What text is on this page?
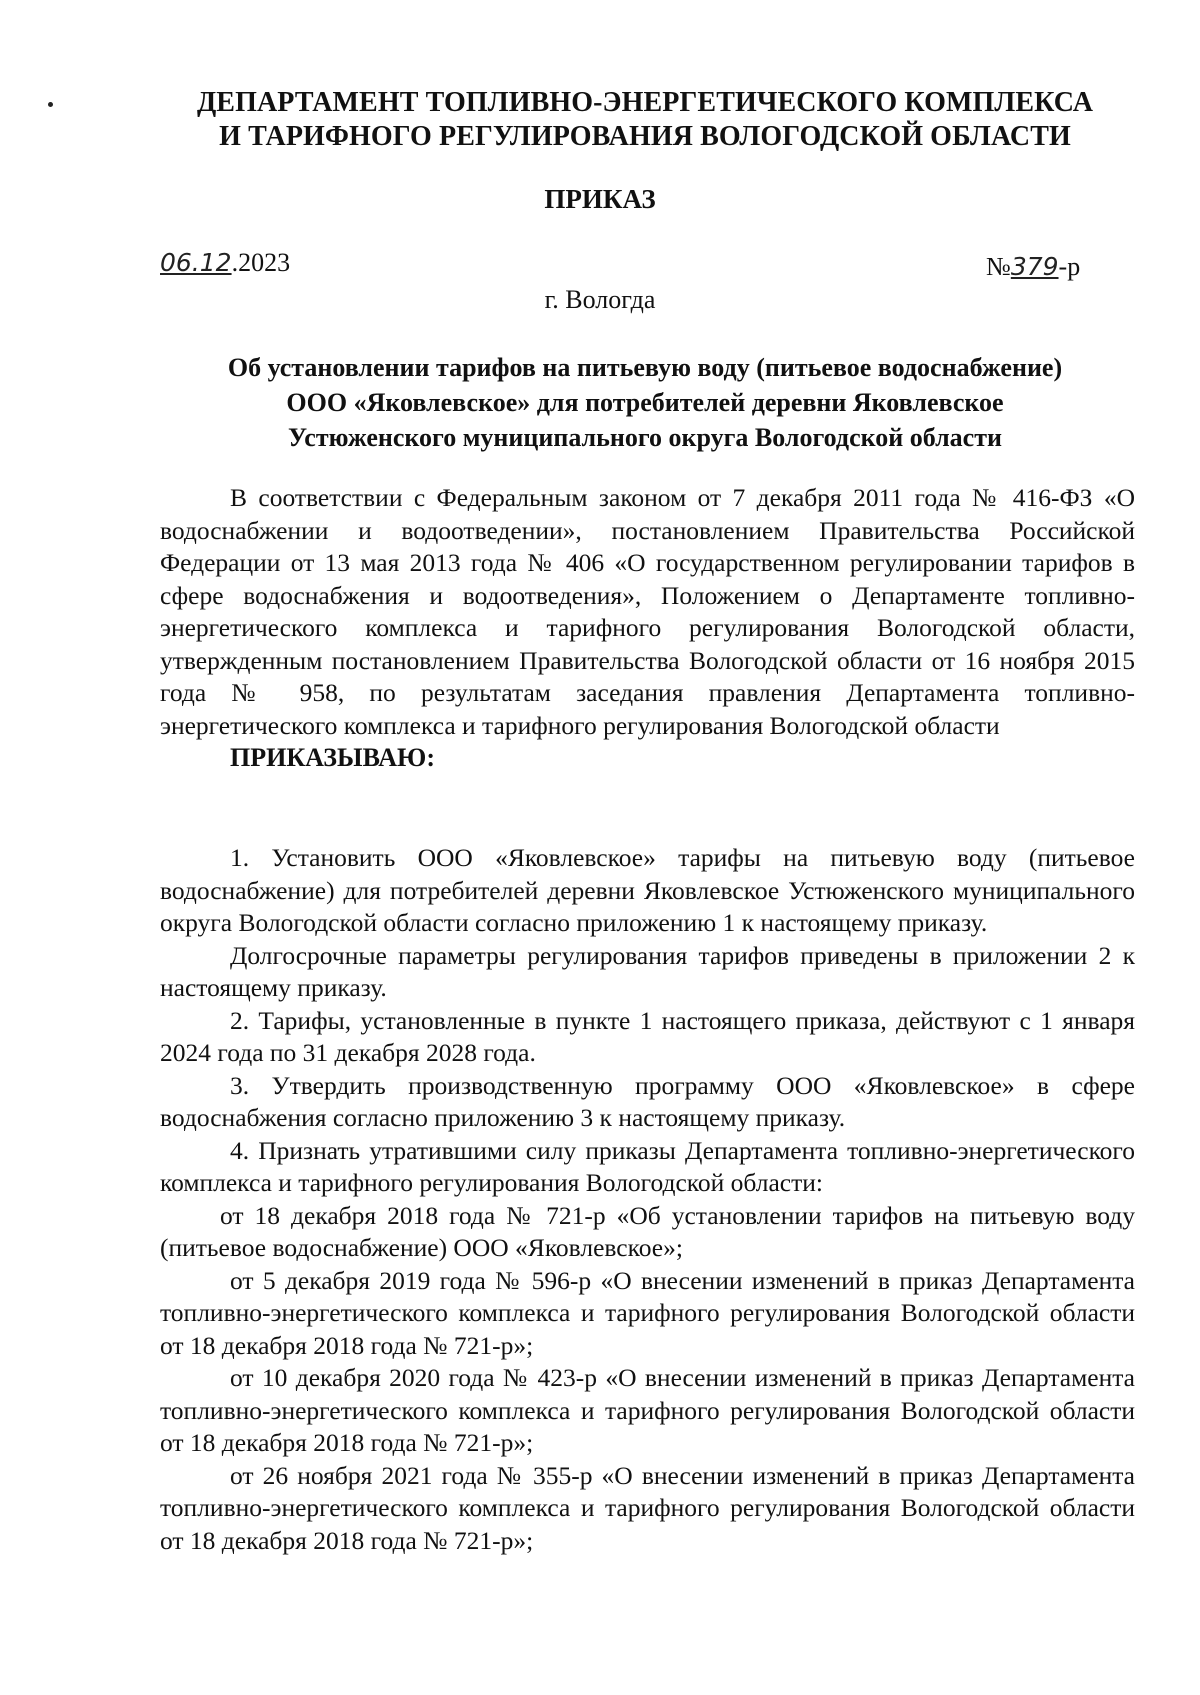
ДЕПАРТАМЕНТ ТОПЛИВНО-ЭНЕРГЕТИЧЕСКОГО КОМПЛЕКСА
И ТАРИФНОГО РЕГУЛИРОВАНИЯ ВОЛОГОДСКОЙ ОБЛАСТИ
ПРИКАЗ
06.12.2023	№379-р
г. Вологда
Об установлении тарифов на питьевую воду (питьевое водоснабжение)
ООО «Яковлевское» для потребителей деревни Яковлевское
Устюженского муниципального округа Вологодской области

В соответствии с Федеральным законом от 7 декабря 2011 года № 416-ФЗ «О водоснабжении и водоотведении», постановлением Правительства Российской Федерации от 13 мая 2013 года № 406 «О государственном регулировании тарифов в сфере водоснабжения и водоотведения», Положением о Департаменте топливно-энергетического комплекса и тарифного регулирования Вологодской области, утвержденным постановлением Правительства Вологодской области от 16 ноября 2015 года № 958, по результатам заседания правления Департамента топливно-энергетического комплекса и тарифного регулирования Вологодской области

ПРИКАЗЫВАЮ:

1. Установить ООО «Яковлевское» тарифы на питьевую воду (питьевое водоснабжение) для потребителей деревни Яковлевское Устюженского муниципального округа Вологодской области согласно приложению 1 к настоящему приказу.

Долгосрочные параметры регулирования тарифов приведены в приложении 2 к настоящему приказу.

2. Тарифы, установленные в пункте 1 настоящего приказа, действуют с 1 января 2024 года по 31 декабря 2028 года.

3. Утвердить производственную программу ООО «Яковлевское» в сфере водоснабжения согласно приложению 3 к настоящему приказу.

4. Признать утратившими силу приказы Департамента топливно-энергетического комплекса и тарифного регулирования Вологодской области:

от 18 декабря 2018 года № 721-р «Об установлении тарифов на питьевую воду (питьевое водоснабжение) ООО «Яковлевское»;

от 5 декабря 2019 года № 596-р «О внесении изменений в приказ Департамента топливно-энергетического комплекса и тарифного регулирования Вологодской области от 18 декабря 2018 года № 721-р»;

от 10 декабря 2020 года № 423-р «О внесении изменений в приказ Департамента топливно-энергетического комплекса и тарифного регулирования Вологодской области от 18 декабря 2018 года № 721-р»;

от 26 ноября 2021 года № 355-р «О внесении изменений в приказ Департамента топливно-энергетического комплекса и тарифного регулирования Вологодской области от 18 декабря 2018 года № 721-р»;
